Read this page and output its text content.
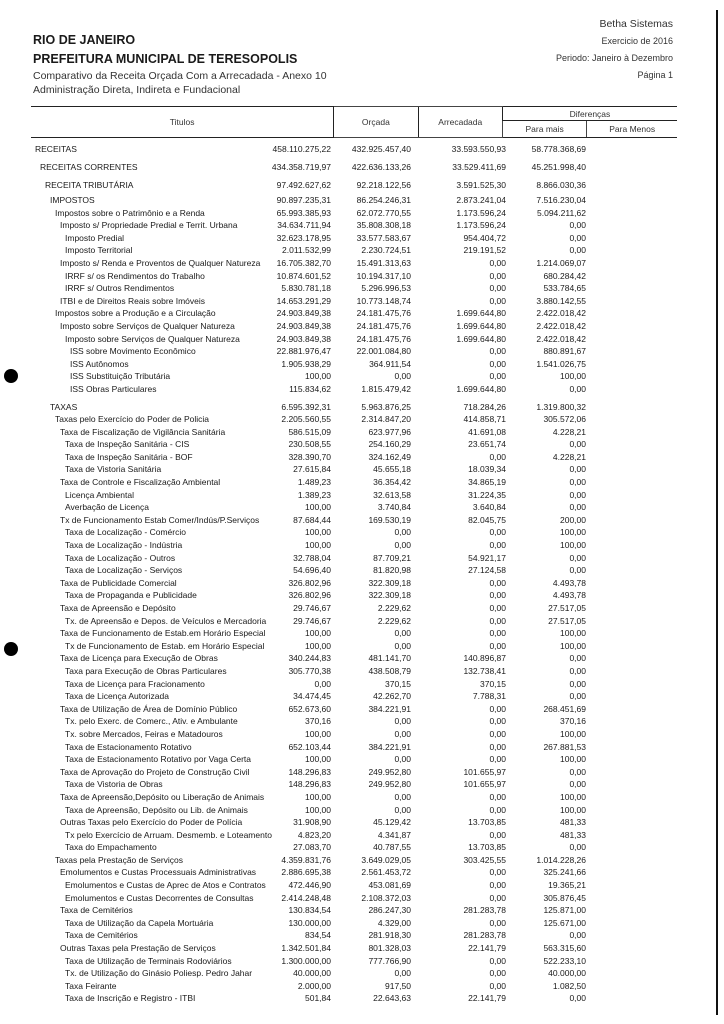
RIO DE JANEIRO
PREFEITURA MUNICIPAL DE TERESOPOLIS
Comparativo da Receita Orçada Com a Arrecadada - Anexo 10
Administração Direta, Indireta e Fundacional
Betha Sistemas
Exercicio de 2016
Periodo: Janeiro à Dezembro
Página 1
Titulos	Orçada	Arrecadada	Diferenças	
			Para mais	Para Menos
RECEITAS	458.110.275,22	432.925.457,40	33.593.550,93	58.778.368,69
RECEITAS CORRENTES	434.358.719,97	422.636.133,26	33.529.411,69	45.251.998,40
RECEITA TRIBUTÁRIA	97.492.627,62	92.218.122,56	3.591.525,30	8.866.030,36
IMPOSTOS	90.897.235,31	86.254.246,31	2.873.241,04	7.516.230,04
Impostos sobre o Patrimônio e a Renda	65.993.385,93	62.072.770,55	1.173.596,24	5.094.211,62
Imposto s/ Propriedade Predial e Territ. Urbana	34.634.711,94	35.808.308,18	1.173.596,24	0,00
Imposto Predial	32.623.178,95	33.577.583,67	954.404,72	0,00
Imposto Territorial	2.011.532,99	2.230.724,51	219.191,52	0,00
Imposto s/ Renda e Proventos de Qualquer Natureza	16.705.382,70	15.491.313,63	0,00	1.214.069,07
IRRF s/ os Rendimentos do Trabalho	10.874.601,52	10.194.317,10	0,00	680.284,42
IRRF s/ Outros Rendimentos	5.830.781,18	5.296.996,53	0,00	533.784,65
ITBI e de Direitos Reais sobre Imóveis	14.653.291,29	10.773.148,74	0,00	3.880.142,55
Impostos sobre a Produção e a Circulação	24.903.849,38	24.181.475,76	1.699.644,80	2.422.018,42
Imposto sobre Serviços de Qualquer Natureza	24.903.849,38	24.181.475,76	1.699.644,80	2.422.018,42
Imposto sobre Serviços de Qualquer Natureza	24.903.849,38	24.181.475,76	1.699.644,80	2.422.018,42
ISS sobre Movimento Econômico	22.881.976,47	22.001.084,80	0,00	880.891,67
ISS Autônomos	1.905.938,29	364.911,54	0,00	1.541.026,75
ISS Substituição Tributária	100,00	0,00	0,00	100,00
ISS Obras Particulares	115.834,62	1.815.479,42	1.699.644,80	0,00
TAXAS	6.595.392,31	5.963.876,25	718.284,26	1.319.800,32
Taxas pelo Exercício do Poder de Policia	2.205.560,55	2.314.847,20	414.858,71	305.572,06
Taxa de Fiscalização de Vigilância Sanitária	586.515,09	623.977,96	41.691,08	4.228,21
Taxa de Inspeção Sanitária - CIS	230.508,55	254.160,29	23.651,74	0,00
Taxa de Inspeção Sanitária - BOF	328.390,70	324.162,49	0,00	4.228,21
Taxa de Vistoria Sanitária	27.615,84	45.655,18	18.039,34	0,00
Taxa de Controle e Fiscalização Ambiental	1.489,23	36.354,42	34.865,19	0,00
Licença Ambiental	1.389,23	32.613,58	31.224,35	0,00
Averbação de Licença	100,00	3.740,84	3.640,84	0,00
Tx de Funcionamento Estab Comer/Indús/P.Serviços	87.684,44	169.530,19	82.045,75	200,00
Taxa de Localização - Comércio	100,00	0,00	0,00	100,00
Taxa de Localização - Indústria	100,00	0,00	0,00	100,00
Taxa de Localização - Outros	32.788,04	87.709,21	54.921,17	0,00
Taxa de Localização - Serviços	54.696,40	81.820,98	27.124,58	0,00
Taxa de Publicidade Comercial	326.802,96	322.309,18	0,00	4.493,78
Taxa de Propaganda e Publicidade	326.802,96	322.309,18	0,00	4.493,78
Taxa de Apreensão e Depósito	29.746,67	2.229,62	0,00	27.517,05
Tx. de Apreensão e Depos. de Veículos e Mercadoria	29.746,67	2.229,62	0,00	27.517,05
Taxa de Funcionamento de Estab.em Horário Especial	100,00	0,00	0,00	100,00
Tx de Funcionamento de Estab. em Horário Especial	100,00	0,00	0,00	100,00
Taxa de Licença para Execução de Obras	340.244,83	481.141,70	140.896,87	0,00
Taxa para Execução de Obras Particulares	305.770,38	438.508,79	132.738,41	0,00
Taxa de Licença para Fracionamento	0,00	370,15	370,15	0,00
Taxa de Licença Autorizada	34.474,45	42.262,70	7.788,31	0,00
Taxa de Utilização de Área de Domínio Público	652.673,60	384.221,91	0,00	268.451,69
Tx. pelo Exerc. de Comerc., Ativ. e Ambulante	370,16	0,00	0,00	370,16
Tx. sobre Mercados, Feiras e Matadouros	100,00	0,00	0,00	100,00
Taxa de Estacionamento Rotativo	652.103,44	384.221,91	0,00	267.881,53
Taxa de Estacionamento Rotativo por Vaga Certa	100,00	0,00	0,00	100,00
Taxa de Aprovação do Projeto de Construção Civil	148.296,83	249.952,80	101.655,97	0,00
Taxa de Vistoria de Obras	148.296,83	249.952,80	101.655,97	0,00
Taxa de Apreensão,Depósito ou Liberação de Animais	100,00	0,00	0,00	100,00
Taxa de Apreensão, Depósito ou Lib. de Animais	100,00	0,00	0,00	100,00
Outras Taxas pelo Exercício do Poder de Polícia	31.908,90	45.129,42	13.703,85	481,33
Tx pelo Exercício de Arruam. Desmemb. e Loteamento	4.823,20	4.341,87	0,00	481,33
Taxa do Empachamento	27.083,70	40.787,55	13.703,85	0,00
Taxas pela Prestação de Serviços	4.359.831,76	3.649.029,05	303.425,55	1.014.228,26
Emolumentos e Custas Processuais Administrativas	2.886.695,38	2.561.453,72	0,00	325.241,66
Emolumentos e Custas de Aprec de Atos e Contratos	472.446,90	453.081,69	0,00	19.365,21
Emolumentos e Custas Decorrentes de Consultas	2.414.248,48	2.108.372,03	0,00	305.876,45
Taxa de Cemitérios	130.834,54	286.247,30	281.283,78	125.871,00
Taxa de Utilização da Capela Mortuária	130.000,00	4.329,00	0,00	125.671,00
Taxa de Cemitérios	834,54	281.918,30	281.283,78	0,00
Outras Taxas pela Prestação de Serviços	1.342.501,84	801.328,03	22.141,79	563.315,60
Taxa de Utilização de Terminais Rodoviários	1.300.000,00	777.766,90	0,00	522.233,10
Tx. de Utilização do Ginásio Poliesp. Pedro Jahar	40.000,00	0,00	0,00	40.000,00
Taxa Feirante	2.000,00	917,50	0,00	1.082,50
Taxa de Inscrição e Registro - ITBI	501,84	22.643,63	22.141,79	0,00
